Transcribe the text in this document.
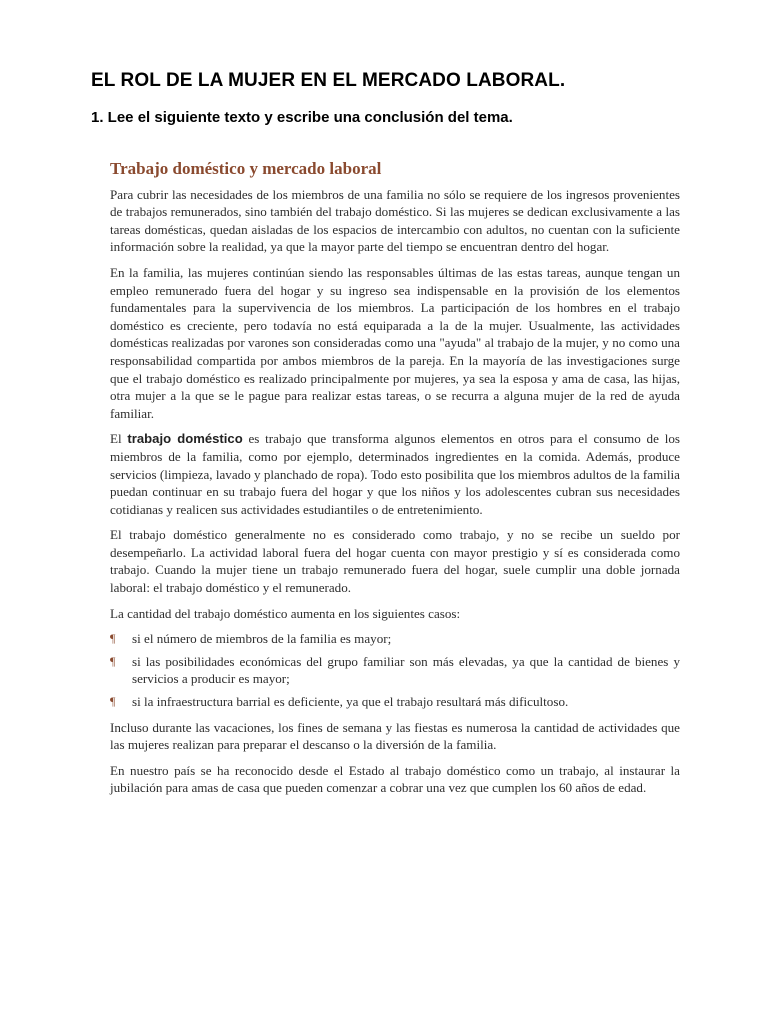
EL ROL DE LA MUJER EN EL MERCADO LABORAL.
1. Lee el siguiente texto y escribe una conclusión del tema.
Trabajo doméstico y mercado laboral

Para cubrir las necesidades de los miembros de una familia no sólo se requiere de los ingresos provenientes de trabajos remunerados, sino también del trabajo doméstico. Si las mujeres se dedican exclusivamente a las tareas domésticas, quedan aisladas de los espacios de intercambio con adultos, no cuentan con la suficiente información sobre la realidad, ya que la mayor parte del tiempo se encuentran dentro del hogar.

En la familia, las mujeres continúan siendo las responsables últimas de las estas tareas, aunque tengan un empleo remunerado fuera del hogar y su ingreso sea indispensable en la provisión de los elementos fundamentales para la supervivencia de los miembros. La participación de los hombres en el trabajo doméstico es creciente, pero todavía no está equiparada a la de la mujer. Usualmente, las actividades domésticas realizadas por varones son consideradas como una "ayuda" al trabajo de la mujer, y no como una responsabilidad compartida por ambos miembros de la pareja. En la mayoría de las investigaciones surge que el trabajo doméstico es realizado principalmente por mujeres, ya sea la esposa y ama de casa, las hijas, otra mujer a la que se le pague para realizar estas tareas, o se recurra a alguna mujer de la red de ayuda familiar.

El trabajo doméstico es trabajo que transforma algunos elementos en otros para el consumo de los miembros de la familia, como por ejemplo, determinados ingredientes en la comida. Además, produce servicios (limpieza, lavado y planchado de ropa). Todo esto posibilita que los miembros adultos de la familia puedan continuar en su trabajo fuera del hogar y que los niños y los adolescentes cubran sus necesidades cotidianas y realicen sus actividades estudiantiles o de entretenimiento.

El trabajo doméstico generalmente no es considerado como trabajo, y no se recibe un sueldo por desempeñarlo. La actividad laboral fuera del hogar cuenta con mayor prestigio y sí es considerada como trabajo. Cuando la mujer tiene un trabajo remunerado fuera del hogar, suele cumplir una doble jornada laboral: el trabajo doméstico y el remunerado.

La cantidad del trabajo doméstico aumenta en los siguientes casos:

¶ si el número de miembros de la familia es mayor;
¶ si las posibilidades económicas del grupo familiar son más elevadas, ya que la cantidad de bienes y servicios a producir es mayor;
¶ si la infraestructura barrial es deficiente, ya que el trabajo resultará más dificultoso.

Incluso durante las vacaciones, los fines de semana y las fiestas es numerosa la cantidad de actividades que las mujeres realizan para preparar el descanso o la diversión de la familia.

En nuestro país se ha reconocido desde el Estado al trabajo doméstico como un trabajo, al instaurar la jubilación para amas de casa que pueden comenzar a cobrar una vez que cumplen los 60 años de edad.
